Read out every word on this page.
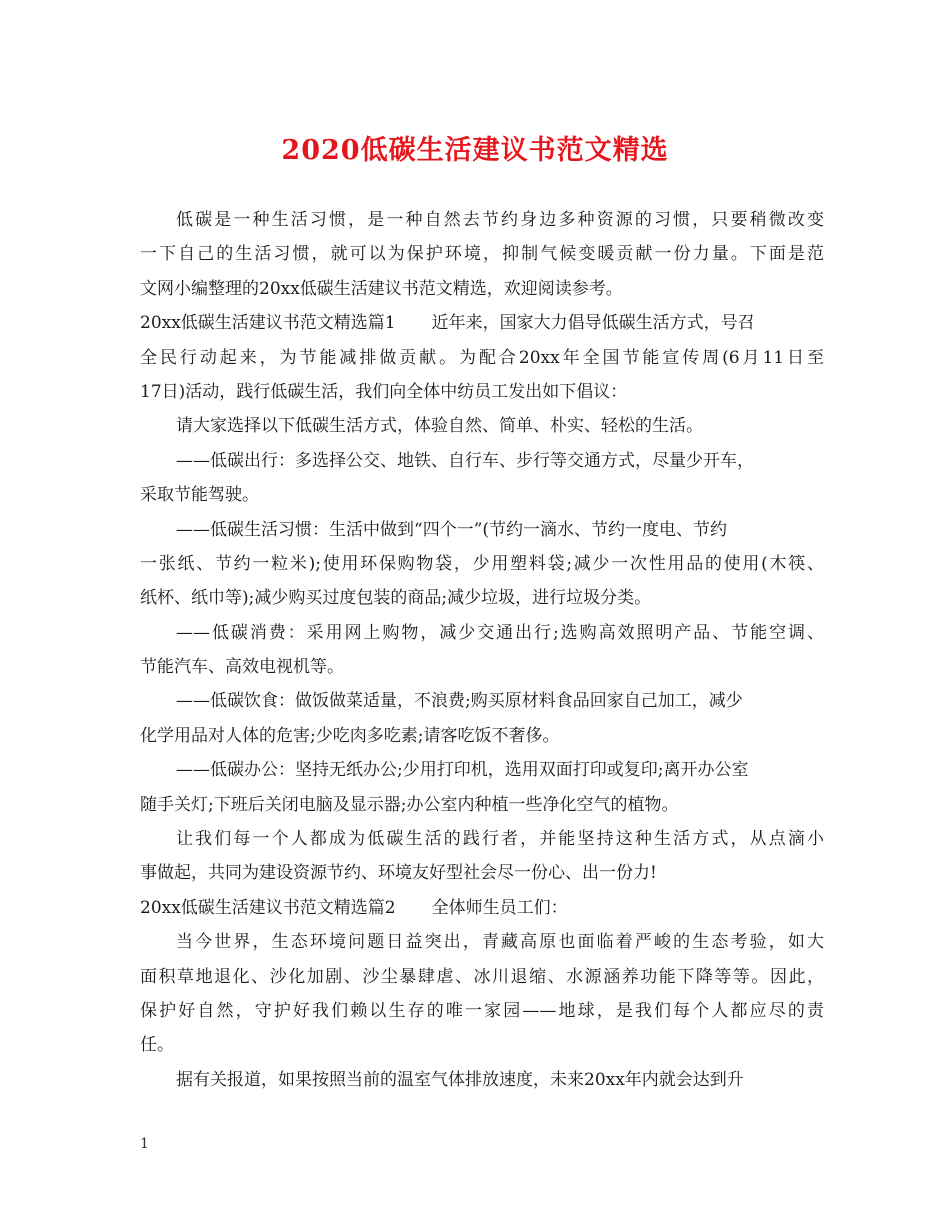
2020低碳生活建议书范文精选
低碳是一种生活习惯，是一种自然去节约身边多种资源的习惯，只要稍微改变
一下自己的生活习惯，就可以为保护环境，抑制气候变暖贡献一份力量。下面是范
文网小编整理的20xx低碳生活建议书范文精选，欢迎阅读参考。
20xx低碳生活建议书范文精选篇1 近年来，国家大力倡导低碳生活方式，号召
全民行动起来，为节能减排做贡献。为配合20xx年全国节能宣传周(6月11日至
17日)活动，践行低碳生活，我们向全体中纺员工发出如下倡议：
请大家选择以下低碳生活方式，体验自然、简单、朴实、轻松的生活。
——低碳出行：多选择公交、地铁、自行车、步行等交通方式，尽量少开车，
采取节能驾驶。
——低碳生活习惯：生活中做到“四个一”(节约一滴水、节约一度电、节约
一张纸、节约一粒米);使用环保购物袋，少用塑料袋;减少一次性用品的使用(木筷、
纸杯、纸巾等);减少购买过度包装的商品;减少垃圾，进行垃圾分类。
——低碳消费：采用网上购物，减少交通出行;选购高效照明产品、节能空调、
节能汽车、高效电视机等。
——低碳饮食：做饭做菜适量，不浪费;购买原材料食品回家自己加工，减少
化学用品对人体的危害;少吃肉多吃素;请客吃饭不奢侈。
——低碳办公：坚持无纸办公;少用打印机，选用双面打印或复印;离开办公室
随手关灯;下班后关闭电脑及显示器;办公室内种植一些净化空气的植物。
让我们每一个人都成为低碳生活的践行者，并能坚持这种生活方式，从点滴小
事做起，共同为建设资源节约、环境友好型社会尽一份心、出一份力!
20xx低碳生活建议书范文精选篇2 全体师生员工们：
当今世界，生态环境问题日益突出，青藏高原也面临着严峻的生态考验，如大
面积草地退化、沙化加剧、沙尘暴肆虐、冰川退缩、水源涵养功能下降等等。因此，
保护好自然，守护好我们赖以生存的唯一家园——地球，是我们每个人都应尽的责
任。
据有关报道，如果按照当前的温室气体排放速度，未来20xx年内就会达到升
1
